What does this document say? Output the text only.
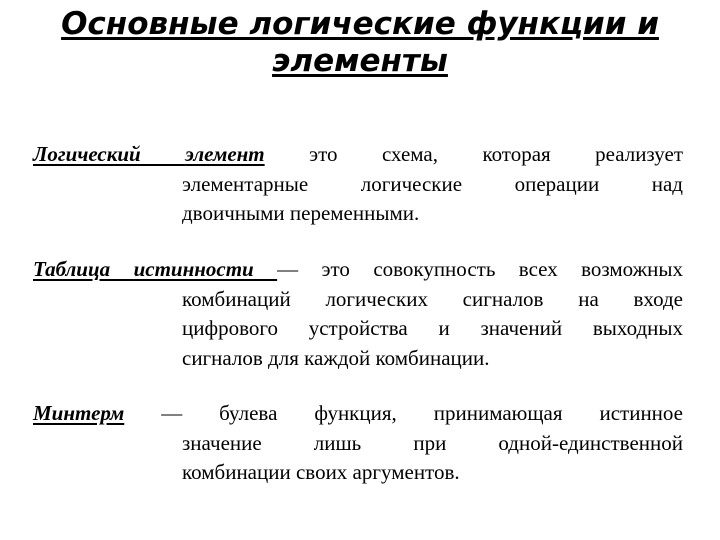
Основные логические функции и
элементы
Логический элемент это схема, которая реализует
элементарные логические операции над
двоичными переменными.
Таблица истинности — это совокупность всех возможных
комбинаций логических сигналов на входе
цифрового устройства и значений выходных
сигналов для каждой комбинации.
Минтерм — булева функция, принимающая истинное
значение лишь при одной-единственной
комбинации своих аргументов.
